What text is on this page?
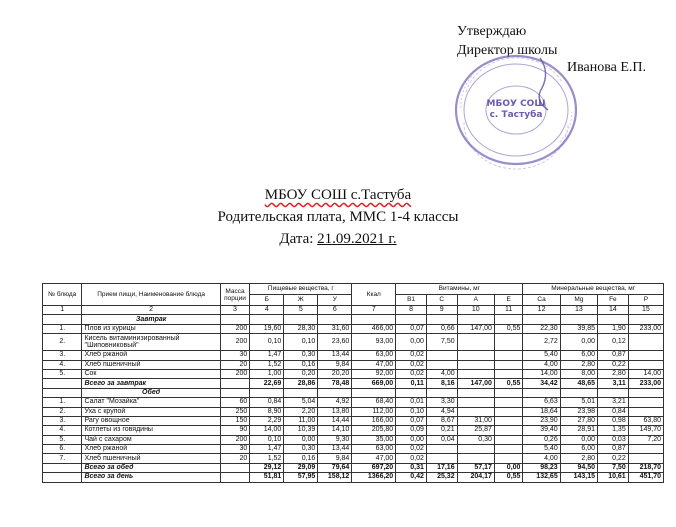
Утверждаю
Директор школы
Иванова Е.П.
МБОУ СОШ с. Тастуба
МБОУ СОШ с.Тастуба
Родительская плата, ММС 1-4 классы
Дата: 21.09.2021 г.
№ блюда	Прием пищи, Наименование блюда	Масса порции	Пищевые вещества, г			Ккал	Витамины, мг				Минеральные вещества, мг			
			Б	Ж	У		В1	С	А	Е	Са	Mg	Fe	Р
1	2	3	4	5	6	7	8	9	10	11	12	13	14	15
	Завтрак													
1.	Плов из курицы	200	19,60	28,30	31,60	466,00	0,07	0,66	147,00	0,55	22,30	39,85	1,90	233,00
2.	Кисель витаминизированный "Шиповниковый"	200	0,10	0,10	23,60	93,00	0,00	7,50			2,72	0,00	0,12	
3.	Хлеб ржаной	30	1,47	0,30	13,44	63,00	0,02				5,40	6,00	0,87	
4.	Хлеб пшеничный	20	1,52	0,16	9,84	47,00	0,02				4,00	2,80	0,22	
5.	Сок	200	1,00	0,20	20,20	92,00	0,02	4,00			14,00	8,00	2,80	14,00
	Всего за завтрак		22,69	28,86	78,48	669,00	0,11	8,16	147,00	0,55	34,42	48,65	3,11	233,00
	Обед													
1.	Салат "Мозайка"	60	0,84	5,04	4,92	68,40	0,01	3,30			6,63	5,01	3,21	
2.	Уха с крупой	250	8,90	2,20	13,80	112,00	0,10	4,94			18,64	23,98	0,84	
3.	Рагу овощное	150	2,29	11,00	14,44	166,00	0,07	8,67	31,00		23,90	27,80	0,98	63,80
4.	Котлеты из говядины	90	14,00	10,39	14,10	205,80	0,09	0,21	25,87		39,40	28,91	1,35	149,70
5.	Чай с сахаром	200	0,10	0,00	9,30	35,00	0,00	0,04	0,30		0,26	0,00	0,03	7,20
6.	Хлеб ржаной	30	1,47	0,30	13,44	63,00	0,02				5,40	6,00	0,87	
7.	Хлеб пшеничный	20	1,52	0,16	9,84	47,00	0,02				4,00	2,80	0,22	
	Всего за обед		29,12	29,09	79,64	697,20	0,31	17,16	57,17	0,00	98,23	94,50	7,50	218,70
	Всего за день		51,81	57,95	158,12	1366,20	0,42	25,32	204,17	0,55	132,65	143,15	10,61	451,70
